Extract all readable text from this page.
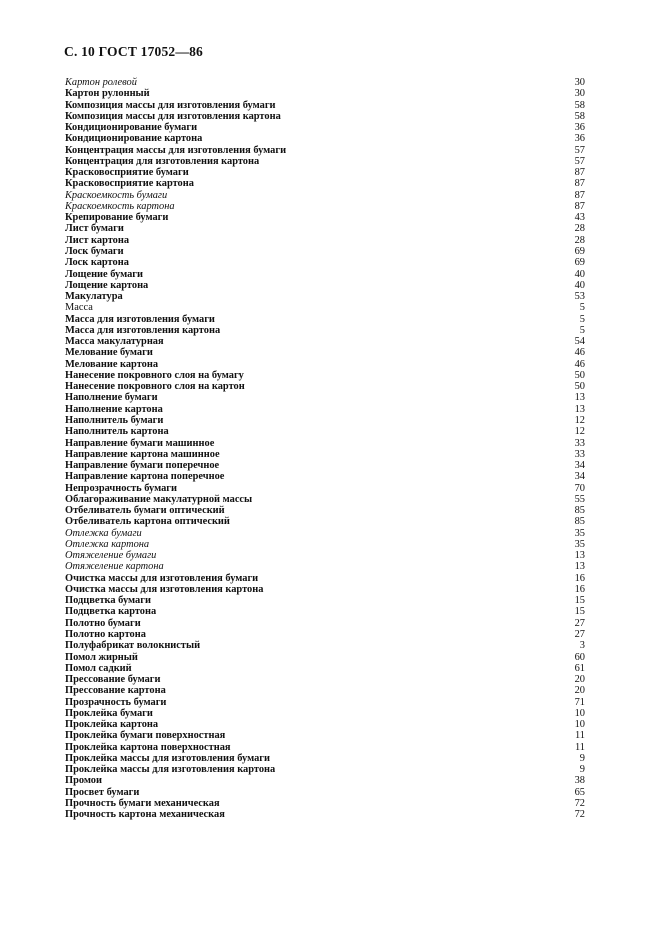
С. 10 ГОСТ 17052—86
Картон ролевой	30
Картон рулонный	30
Композиция массы для изготовления бумаги	58
Композиция массы для изготовления картона	58
Кондиционирование бумаги	36
Кондиционирование картона	36
Концентрация массы для изготовления бумаги	57
Концентрация для изготовления картона	57
Красковосприятие бумаги	87
Красковосприятие картона	87
Краскоемкость бумаги	87
Краскоемкость картона	87
Крепирование бумаги	43
Лист бумаги	28
Лист картона	28
Лоск бумаги	69
Лоск картона	69
Лощение бумаги	40
Лощение картона	40
Макулатура	53
Масса	5
Масса для изготовления бумаги	5
Масса для изготовления картона	5
Масса макулатурная	54
Мелование бумаги	46
Мелование картона	46
Нанесение покровного слоя на бумагу	50
Нанесение покровного слоя на картон	50
Наполнение бумаги	13
Наполнение картона	13
Наполнитель бумаги	12
Наполнитель картона	12
Направление бумаги машинное	33
Направление картона машинное	33
Направление бумаги поперечное	34
Направление картона поперечное	34
Непрозрачность бумаги	70
Облагораживание макулатурной массы	55
Отбеливатель бумаги оптический	85
Отбеливатель картона оптический	85
Отлежка бумаги	35
Отлежка картона	35
Отяжеление бумаги	13
Отяжеление картона	13
Очистка массы для изготовления бумаги	16
Очистка массы для изготовления картона	16
Подцветка бумаги	15
Подцветка картона	15
Полотно бумаги	27
Полотно картона	27
Полуфабрикат волокнистый	3
Помол жирный	60
Помол садкий	61
Прессование бумаги	20
Прессование картона	20
Прозрачность бумаги	71
Проклейка бумаги	10
Проклейка картона	10
Проклейка бумаги поверхностная	11
Проклейка картона поверхностная	11
Проклейка массы для изготовления бумаги	9
Проклейка массы для изготовления картона	9
Промои	38
Просвет бумаги	65
Прочность бумаги механическая	72
Прочность картона механическая	72
